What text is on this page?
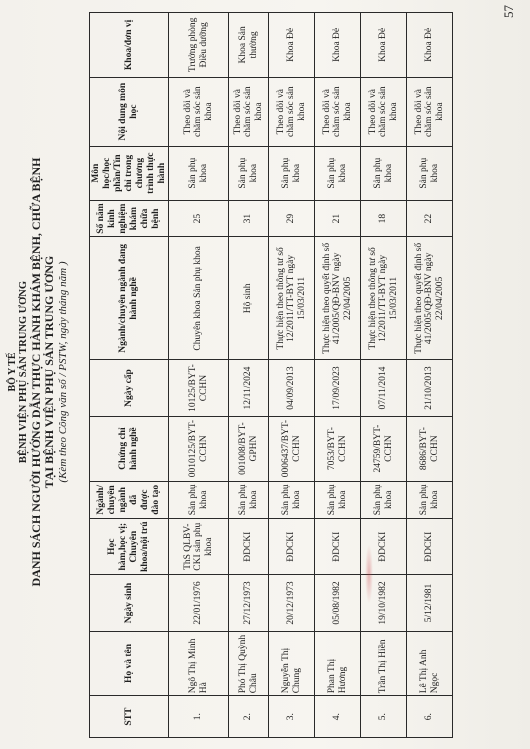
BỘ Y TẾ BỆNH VIỆN PHỤ SẢN TRUNG ƯƠNG DANH SÁCH NGƯỜI HƯỚNG DẪN THỰC HÀNH KHÁM BỆNH, CHỮA BỆNH TẠI BỆNH VIỆN PHỤ SẢN TRUNG ƯƠNG (Kèm theo Công văn số / PSTW, ngày tháng năm )
STT	Họ và tên	Ngày sinh	Học hàm,học vị; Chuyên khoa/nội trú	Ngành/ chuyên ngành đã được đào tạo	Chứng chỉ hành nghề	Ngày cấp	Ngành/chuyên ngành đang hành nghề	Số năm kinh nghiệm khám chữa bệnh	Môn học/học phần/Tín chỉ trong chương trình thực hành	Nội dung môn học	Khoa/đơn vị
1.	Ngô Thị Minh Hà	22/01/1976	ThS QLBV- CKI sản phụ khoa	Sản phụ khoa	0010125/BYT-CCHN	10125/BYT-CCHN	Chuyên khoa Sản phụ khoa	25	Sản phụ khoa	Theo dõi và chăm sóc sản khoa	Trưởng phòng Điều dưỡng
2.	Phó Thị Quỳnh Châu	27/12/1973	ĐDCKI	Sản phụ khoa	001008/BYT-GPHN	12/11/2024	Hộ sinh	31	Sản phụ khoa	Theo dõi và chăm sóc sản khoa	Khoa Sản thường
3.	Nguyễn Thị Chung	20/12/1973	ĐDCKI	Sản phụ khoa	0006437/BYT-CCHN	04/09/2013	Thực hiện theo thông tư số 12/2011/TT-BYT ngày 15/03/2011	29	Sản phụ khoa	Theo dõi và chăm sóc sản khoa	Khoa Đẻ
4.	Phan Thị Hương	05/08/1982	ĐDCKI	Sản phụ khoa	7053/BYT-CCHN	17/09/2023	Thực hiện theo quyết định số 41/2005/QĐ-BNV ngày 22/04/2005	21	Sản phụ khoa	Theo dõi và chăm sóc sản khoa	Khoa Đẻ
5.	Trần Thị Hiền	19/10/1982	ĐDCKI	Sản phụ khoa	24759/BYT-CCHN	07/11/2014	Thực hiện theo thông tư số 12/2011/TT-BYT ngày 15/03/2011	18	Sản phụ khoa	Theo dõi và chăm sóc sản khoa	Khoa Đẻ
6.	Lê Thị Anh Ngọc	5/12/1981	ĐDCKI	Sản phụ khoa	8686/BYT-CCHN	21/10/2013	Thực hiện theo quyết định số 41/2005/QĐ-BNV ngày 22/04/2005	22	Sản phụ khoa	Theo dõi và chăm sóc sản khoa	Khoa Đẻ
57
